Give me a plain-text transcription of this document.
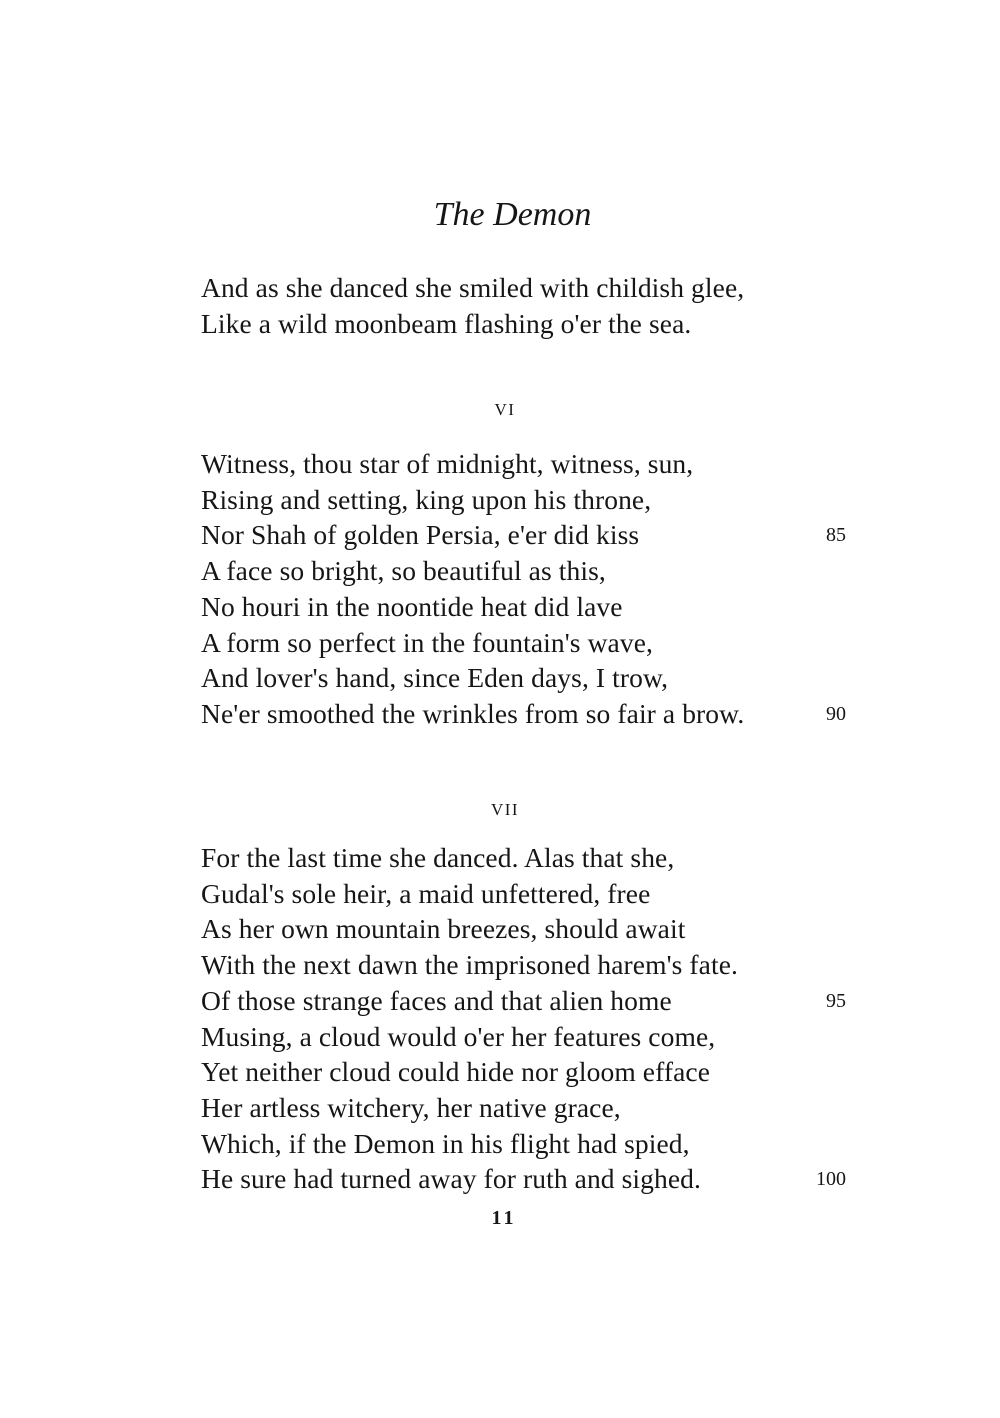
The Demon
And as she danced she smiled with childish glee,
Like a wild moonbeam flashing o'er the sea.
VI
Witness, thou star of midnight, witness, sun,
Rising and setting, king upon his throne,
Nor Shah of golden Persia, e'er did kiss	85
A face so bright, so beautiful as this,
No houri in the noontide heat did lave
A form so perfect in the fountain's wave,
And lover's hand, since Eden days, I trow,
Ne'er smoothed the wrinkles from so fair a brow.	90
VII
For the last time she danced. Alas that she,
Gudal's sole heir, a maid unfettered, free
As her own mountain breezes, should await
With the next dawn the imprisoned harem's fate.
Of those strange faces and that alien home	95
Musing, a cloud would o'er her features come,
Yet neither cloud could hide nor gloom efface
Her artless witchery, her native grace,
Which, if the Demon in his flight had spied,
He sure had turned away for ruth and sighed.	100
11
